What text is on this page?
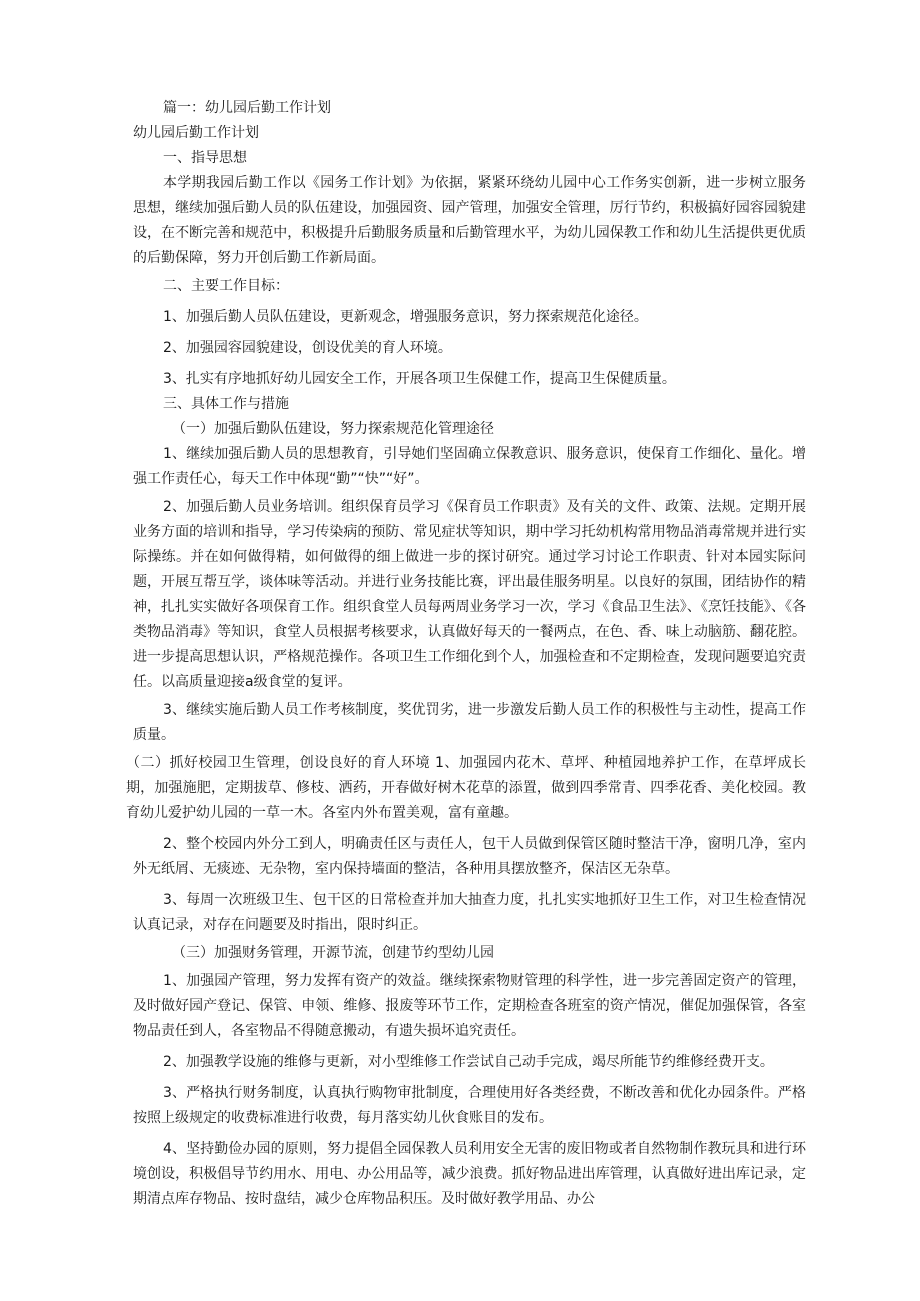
篇一：幼儿园后勤工作计划

幼儿园后勤工作计划

一、指导思想

本学期我园后勤工作以《园务工作计划》为依据，紧紧环绕幼儿园中心工作务实创新，进一步树立服务思想，继续加强后勤人员的队伍建设，加强园资、园产管理，加强安全管理，厉行节约，积极搞好园容园貌建设，在不断完善和规范中，积极提升后勤服务质量和后勤管理水平，为幼儿园保教工作和幼儿生活提供更优质的后勤保障，努力开创后勤工作新局面。

二、主要工作目标：

1、加强后勤人员队伍建设，更新观念，增强服务意识，努力探索规范化途径。

2、加强园容园貌建设，创设优美的育人环境。

3、扎实有序地抓好幼儿园安全工作，开展各项卫生保健工作，提高卫生保健质量。

三、具体工作与措施

（一）加强后勤队伍建设，努力探索规范化管理途径

1、继续加强后勤人员的思想教育，引导她们坚固确立保教意识、服务意识，使保育工作细化、量化。增强工作责任心，每天工作中体现“勤”“快”“好”。

2、加强后勤人员业务培训。组织保育员学习《保育员工作职责》及有关的文件、政策、法规。定期开展业务方面的培训和指导，学习传染病的预防、常见症状等知识，期中学习托幼机构常用物品消毒常规并进行实际操练。并在如何做得精，如何做得的细上做进一步的探讨研究。通过学习讨论工作职责、针对本园实际问题，开展互帮互学，谈体味等活动。并进行业务技能比赛，评出最佳服务明星。以良好的氛围，团结协作的精神，扎扎实实做好各项保育工作。组织食堂人员每两周业务学习一次，学习《食品卫生法》、《烹饪技能》、《各类物品消毒》等知识，食堂人员根据考核要求，认真做好每天的一餐两点，在色、香、味上动脑筋、翻花腔。进一步提高思想认识，严格规范操作。各项卫生工作细化到个人，加强检查和不定期检查，发现问题要追究责任。以高质量迎接a级食堂的复评。

3、继续实施后勤人员工作考核制度，奖优罚劣，进一步激发后勤人员工作的积极性与主动性，提高工作质量。

（二）抓好校园卫生管理，创设良好的育人环境 1、加强园内花木、草坪、种植园地养护工作，在草坪成长期，加强施肥，定期拔草、修枝、洒药，开春做好树木花草的添置，做到四季常青、四季花香、美化校园。教育幼儿爱护幼儿园的一草一木。各室内外布置美观，富有童趣。

2、整个校园内外分工到人，明确责任区与责任人，包干人员做到保管区随时整洁干净，窗明几净，室内外无纸屑、无痰迹、无杂物，室内保持墙面的整洁，各种用具摆放整齐，保洁区无杂草。

3、每周一次班级卫生、包干区的日常检查并加大抽查力度，扎扎实实地抓好卫生工作，对卫生检查情况认真记录，对存在问题要及时指出，限时纠正。

（三）加强财务管理，开源节流，创建节约型幼儿园

1、加强园产管理，努力发挥有资产的效益。继续探索物财管理的科学性，进一步完善固定资产的管理，及时做好园产登记、保管、申领、维修、报废等环节工作，定期检查各班室的资产情况，催促加强保管，各室物品责任到人，各室物品不得随意搬动，有遗失损坏追究责任。

2、加强教学设施的维修与更新，对小型维修工作尝试自己动手完成，竭尽所能节约维修经费开支。

3、严格执行财务制度，认真执行购物审批制度，合理使用好各类经费，不断改善和优化办园条件。严格按照上级规定的收费标准进行收费，每月落实幼儿伙食账目的发布。

4、坚持勤俭办园的原则，努力提倡全园保教人员利用安全无害的废旧物或者自然物制作教玩具和进行环境创设，积极倡导节约用水、用电、办公用品等，减少浪费。抓好物品进出库管理，认真做好进出库记录，定期清点库存物品、按时盘结，减少仓库物品积压。及时做好教学用品、办公
